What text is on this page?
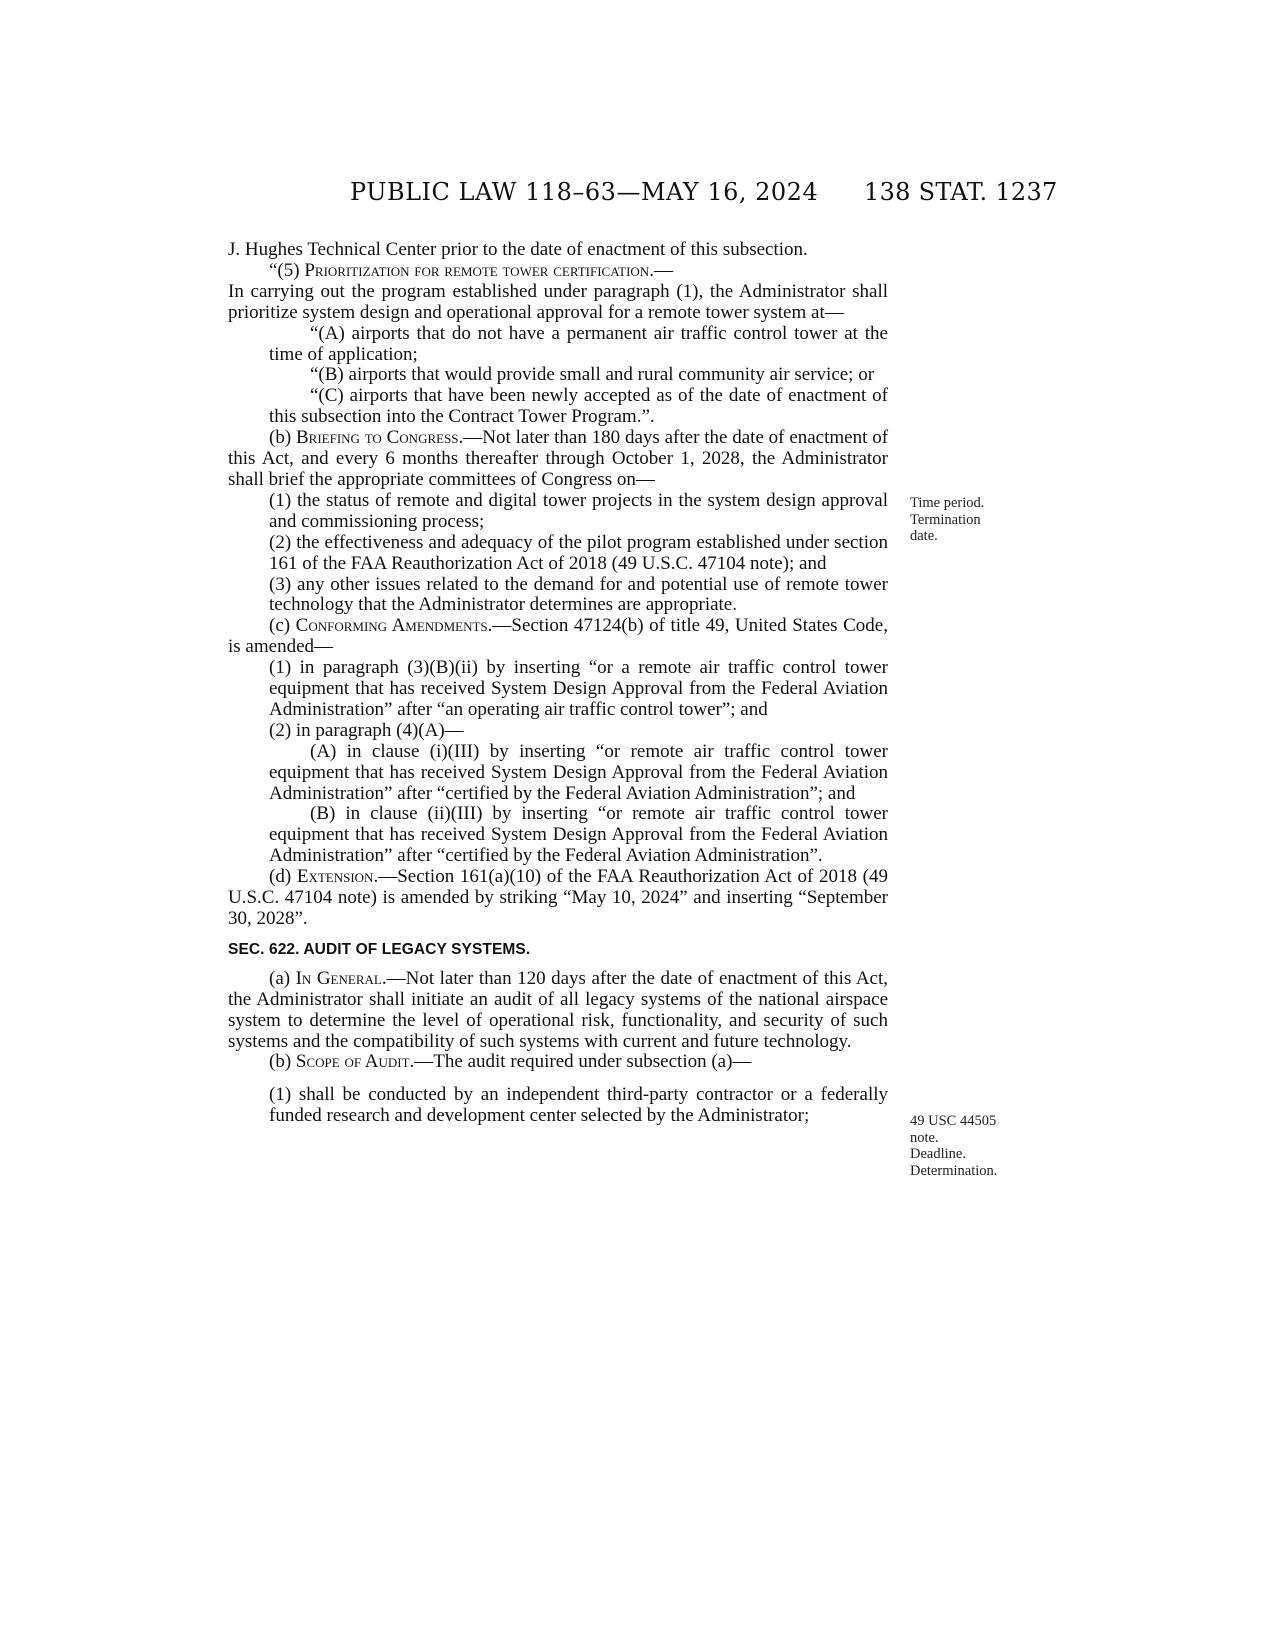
PUBLIC LAW 118–63—MAY 16, 2024 138 STAT. 1237

J. Hughes Technical Center prior to the date of enactment of this subsection.

“(5) Prioritization for remote tower certification.—

In carrying out the program established under paragraph (1), the Administrator shall prioritize system design and operational approval for a remote tower system at—

“(A) airports that do not have a permanent air traffic control tower at the time of application;

“(B) airports that would provide small and rural community air service; or

“(C) airports that have been newly accepted as of the date of enactment of this subsection into the Contract Tower Program.”.

(b) Briefing to Congress.—Not later than 180 days after the date of enactment of this Act, and every 6 months thereafter through October 1, 2028, the Administrator shall brief the appropriate committees of Congress on—

(1) the status of remote and digital tower projects in the system design approval and commissioning process;

(2) the effectiveness and adequacy of the pilot program established under section 161 of the FAA Reauthorization Act of 2018 (49 U.S.C. 47104 note); and

(3) any other issues related to the demand for and potential use of remote tower technology that the Administrator determines are appropriate.

(c) Conforming Amendments.—Section 47124(b) of title 49, United States Code, is amended—

(1) in paragraph (3)(B)(ii) by inserting “or a remote air traffic control tower equipment that has received System Design Approval from the Federal Aviation Administration” after “an operating air traffic control tower”; and

(2) in paragraph (4)(A)—

(A) in clause (i)(III) by inserting “or remote air traffic control tower equipment that has received System Design Approval from the Federal Aviation Administration” after “certified by the Federal Aviation Administration”; and

(B) in clause (ii)(III) by inserting “or remote air traffic control tower equipment that has received System Design Approval from the Federal Aviation Administration” after “certified by the Federal Aviation Administration”.

(d) Extension.—Section 161(a)(10) of the FAA Reauthorization Act of 2018 (49 U.S.C. 47104 note) is amended by striking “May 10, 2024” and inserting “September 30, 2028”.

SEC. 622. AUDIT OF LEGACY SYSTEMS.

(a) In General.—Not later than 120 days after the date of enactment of this Act, the Administrator shall initiate an audit of all legacy systems of the national airspace system to determine the level of operational risk, functionality, and security of such systems and the compatibility of such systems with current and future technology.

(b) Scope of Audit.—The audit required under subsection (a)—

(1) shall be conducted by an independent third-party contractor or a federally funded research and development center selected by the Administrator;

Time period.
Termination
date.
49 USC 44505
note.
Deadline.
Determination.
